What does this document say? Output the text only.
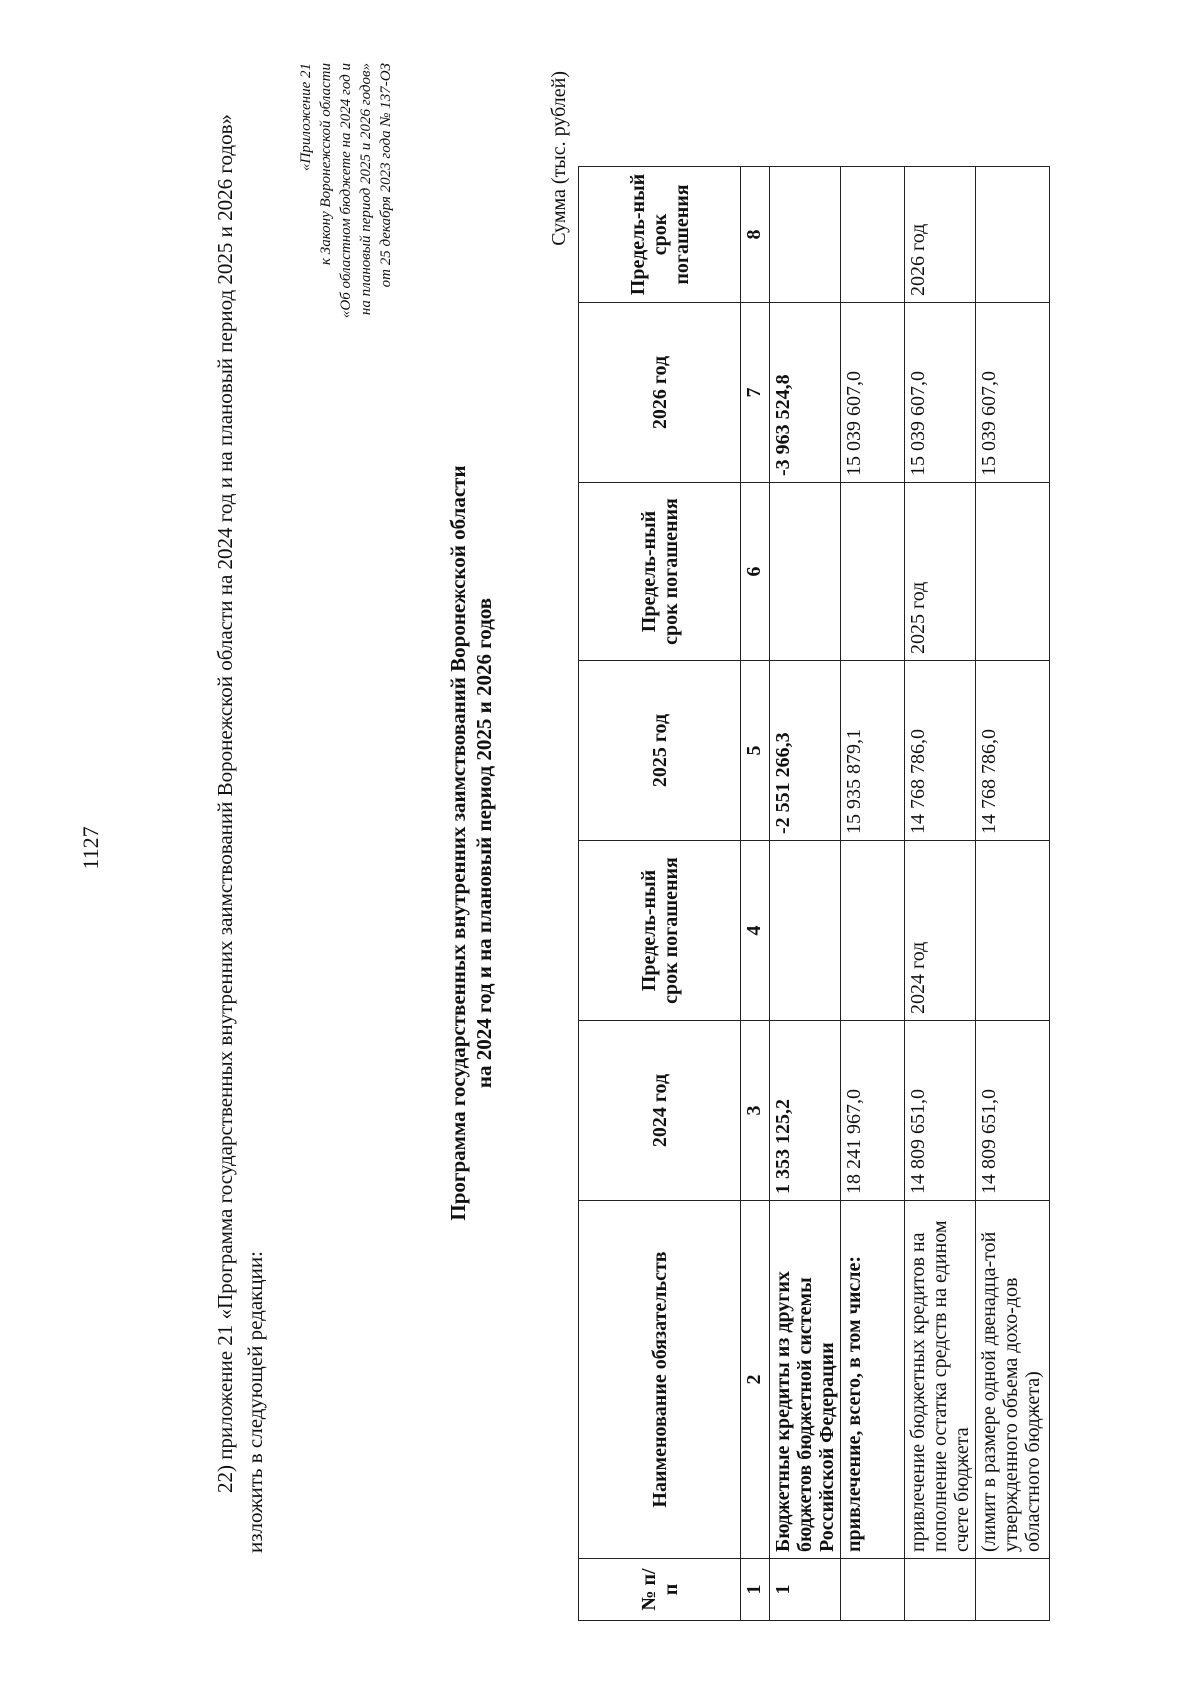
1127	22) приложение 21 «Программа государственных внутренних заимствований Воронежской области на 2024 год и на плановый период 2025 и 2026 годов» изложить в следующей редакции:
«Приложение 21 к Закону Воронежской области «Об областном бюджете на 2024 год и на плановый период 2025 и 2026 годов» от 25 декабря 2023 года № 137-ОЗ
Программа государственных внутренних заимствований Воронежской области на 2024 год и на плановый период 2025 и 2026 годов
Сумма (тыс. рублей)
№ п/п	Наименование обязательств	2024 год	Предель-ный срок погашения	2025 год	Предель-ный срок погашения	2026 год	Предель-ный срок погашения
1	2	3	4	5	6	7	8
1	Бюджетные кредиты из других бюджетов бюджетной системы Российской Федерации	1 353 125,2		-2 551 266,3		-3 963 524,8	
	привлечение, всего, в том числе:	18 241 967,0		15 935 879,1		15 039 607,0	
	привлечение бюджетных кредитов на пополнение остатка средств на едином счете бюджета	14 809 651,0	2024 год	14 768 786,0	2025 год	15 039 607,0	2026 год
	(лимит в размере одной двенадца-той утвержденного объема дохо-дов областного бюджета)	14 809 651,0		14 768 786,0		15 039 607,0	
